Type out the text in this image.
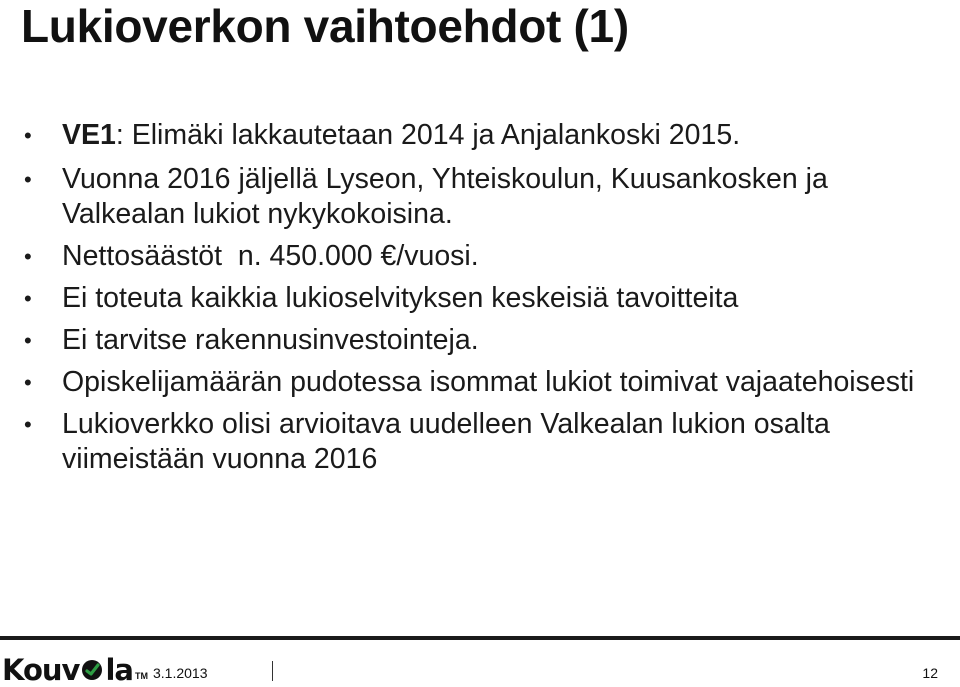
Lukioverkon vaihtoehdot (1)
• VE1: Elimäki lakkautetaan 2014 ja Anjalankoski 2015.
• Vuonna 2016 jäljellä Lyseon, Yhteiskoulun, Kuusankosken ja Valkealan lukiot nykykokoisina.
• Nettosäästöt  n. 450.000 €/vuosi.
• Ei toteuta kaikkia lukioselvityksen keskeisiä tavoitteita
• Ei tarvitse rakennusinvestointeja.
• Opiskelijamäärän pudotessa isommat lukiot toimivat vajaatehoisesti
• Lukioverkko olisi arvioitava uudelleen Valkealan lukion osalta viimeistään vuonna 2016
Kouv la TM 3.1.2013	12
